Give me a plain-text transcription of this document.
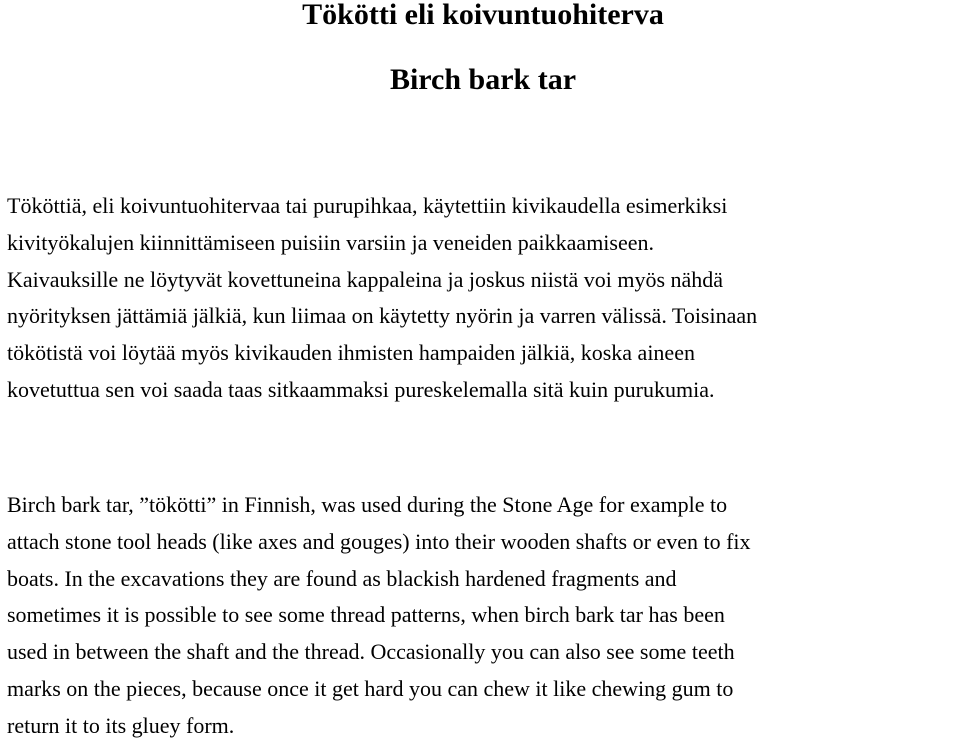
Tökötti eli koivuntuohiterva
Birch bark tar

Tököttiä, eli koivuntuohitervaa tai purupihkaa, käytettiin kivikaudella esimerkiksi
kivityökalujen kiinnittämiseen puisiin varsiin ja veneiden paikkaamiseen.
Kaivauksille ne löytyvät kovettuneina kappaleina ja joskus niistä voi myös nähdä
nyörityksen jättämiä jälkiä, kun liimaa on käytetty nyörin ja varren välissä. Toisinaan
tökötistä voi löytää myös kivikauden ihmisten hampaiden jälkiä, koska aineen
kovetuttua sen voi saada taas sitkaammaksi pureskelemalla sitä kuin purukumia.

Birch bark tar, ”tökötti” in Finnish, was used during the Stone Age for example to
attach stone tool heads (like axes and gouges) into their wooden shafts or even to fix
boats. In the excavations they are found as blackish hardened fragments and
sometimes it is possible to see some thread patterns, when birch bark tar has been
used in between the shaft and the thread. Occasionally you can also see some teeth
marks on the pieces, because once it get hard you can chew it like chewing gum to
return it to its gluey form.
